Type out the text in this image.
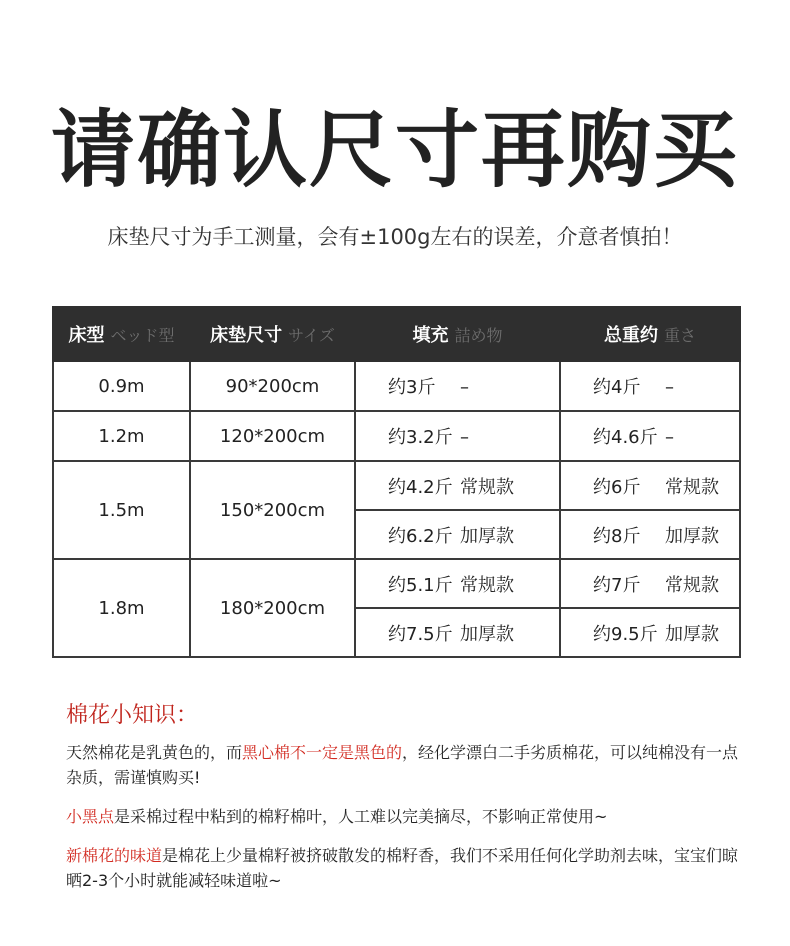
请确认尺寸再购买
床垫尺寸为手工测量，会有±100g左右的误差，介意者慎拍！
床型 ベッド型	床垫尺寸 サイズ	填充 詰め物	总重约 重さ
0.9m	90*200cm	约3斤 –	约4斤 –
1.2m	120*200cm	约3.2斤 –	约4.6斤 –
1.5m	150*200cm	约4.2斤 常规款	约6斤 常规款
		约6.2斤 加厚款	约8斤 加厚款
1.8m	180*200cm	约5.1斤 常规款	约7斤 常规款
		约7.5斤 加厚款	约9.5斤 加厚款
棉花小知识：
天然棉花是乳黄色的，而黑心棉不一定是黑色的，经化学漂白二手劣质棉花，可以纯棉没有一点杂质，需谨慎购买!
小黑点是采棉过程中粘到的棉籽棉叶，人工难以完美摘尽，不影响正常使用~
新棉花的味道是棉花上少量棉籽被挤破散发的棉籽香，我们不采用任何化学助剂去味，宝宝们晾晒2-3个小时就能减轻味道啦~
